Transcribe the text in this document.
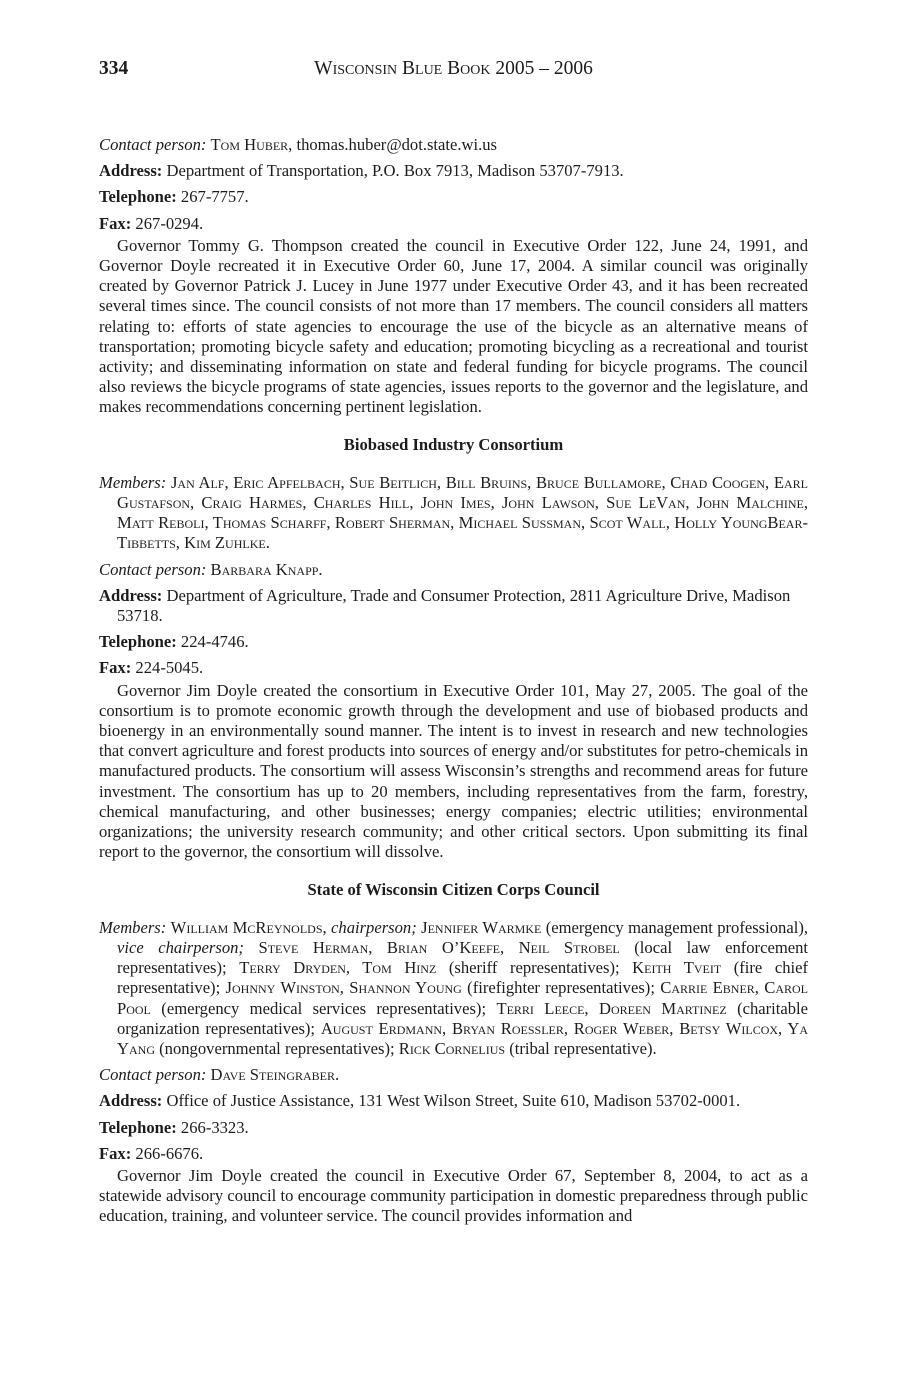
334	Wisconsin Blue Book 2005 – 2006
Contact person: Tom Huber, thomas.huber@dot.state.wi.us
Address: Department of Transportation, P.O. Box 7913, Madison 53707-7913.
Telephone: 267-7757.
Fax: 267-0294.

Governor Tommy G. Thompson created the council in Executive Order 122, June 24, 1991, and Governor Doyle recreated it in Executive Order 60, June 17, 2004. A similar council was originally created by Governor Patrick J. Lucey in June 1977 under Executive Order 43, and it has been recreated several times since. The council consists of not more than 17 members. The council considers all matters relating to: efforts of state agencies to encourage the use of the bicycle as an alternative means of transportation; promoting bicycle safety and education; promoting bicycling as a recreational and tourist activity; and disseminating information on state and federal funding for bicycle programs. The council also reviews the bicycle programs of state agencies, issues reports to the governor and the legislature, and makes recommendations concerning pertinent legislation.

Biobased Industry Consortium
Members: Jan Alf, Eric Apfelbach, Sue Beitlich, Bill Bruins, Bruce Bullamore, Chad Coogen, Earl Gustafson, Craig Harmes, Charles Hill, John Imes, John Lawson, Sue LeVan, John Malchine, Matt Reboli, Thomas Scharff, Robert Sherman, Michael Sussman, Scot Wall, Holly YoungBear-Tibbetts, Kim Zuhlke.
Contact person: Barbara Knapp.
Address: Department of Agriculture, Trade and Consumer Protection, 2811 Agriculture Drive, Madison 53718.
Telephone: 224-4746.
Fax: 224-5045.

Governor Jim Doyle created the consortium in Executive Order 101, May 27, 2005. The goal of the consortium is to promote economic growth through the development and use of biobased products and bioenergy in an environmentally sound manner. The intent is to invest in research and new technologies that convert agriculture and forest products into sources of energy and/or substitutes for petro-chemicals in manufactured products. The consortium will assess Wisconsin’s strengths and recommend areas for future investment. The consortium has up to 20 members, including representatives from the farm, forestry, chemical manufacturing, and other businesses; energy companies; electric utilities; environmental organizations; the university research community; and other critical sectors. Upon submitting its final report to the governor, the consortium will dissolve.

State of Wisconsin Citizen Corps Council
Members: William McReynolds, chairperson; Jennifer Warmke (emergency management professional), vice chairperson; Steve Herman, Brian O’Keefe, Neil Strobel (local law enforcement representatives); Terry Dryden, Tom Hinz (sheriff representatives); Keith Tveit (fire chief representative); Johnny Winston, Shannon Young (firefighter representatives); Carrie Ebner, Carol Pool (emergency medical services representatives); Terri Leece, Doreen Martinez (charitable organization representatives); August Erdmann, Bryan Roessler, Roger Weber, Betsy Wilcox, Ya Yang (nongovernmental representatives); Rick Cornelius (tribal representative).
Contact person: Dave Steingraber.
Address: Office of Justice Assistance, 131 West Wilson Street, Suite 610, Madison 53702-0001.
Telephone: 266-3323.
Fax: 266-6676.

Governor Jim Doyle created the council in Executive Order 67, September 8, 2004, to act as a statewide advisory council to encourage community participation in domestic preparedness through public education, training, and volunteer service. The council provides information and
